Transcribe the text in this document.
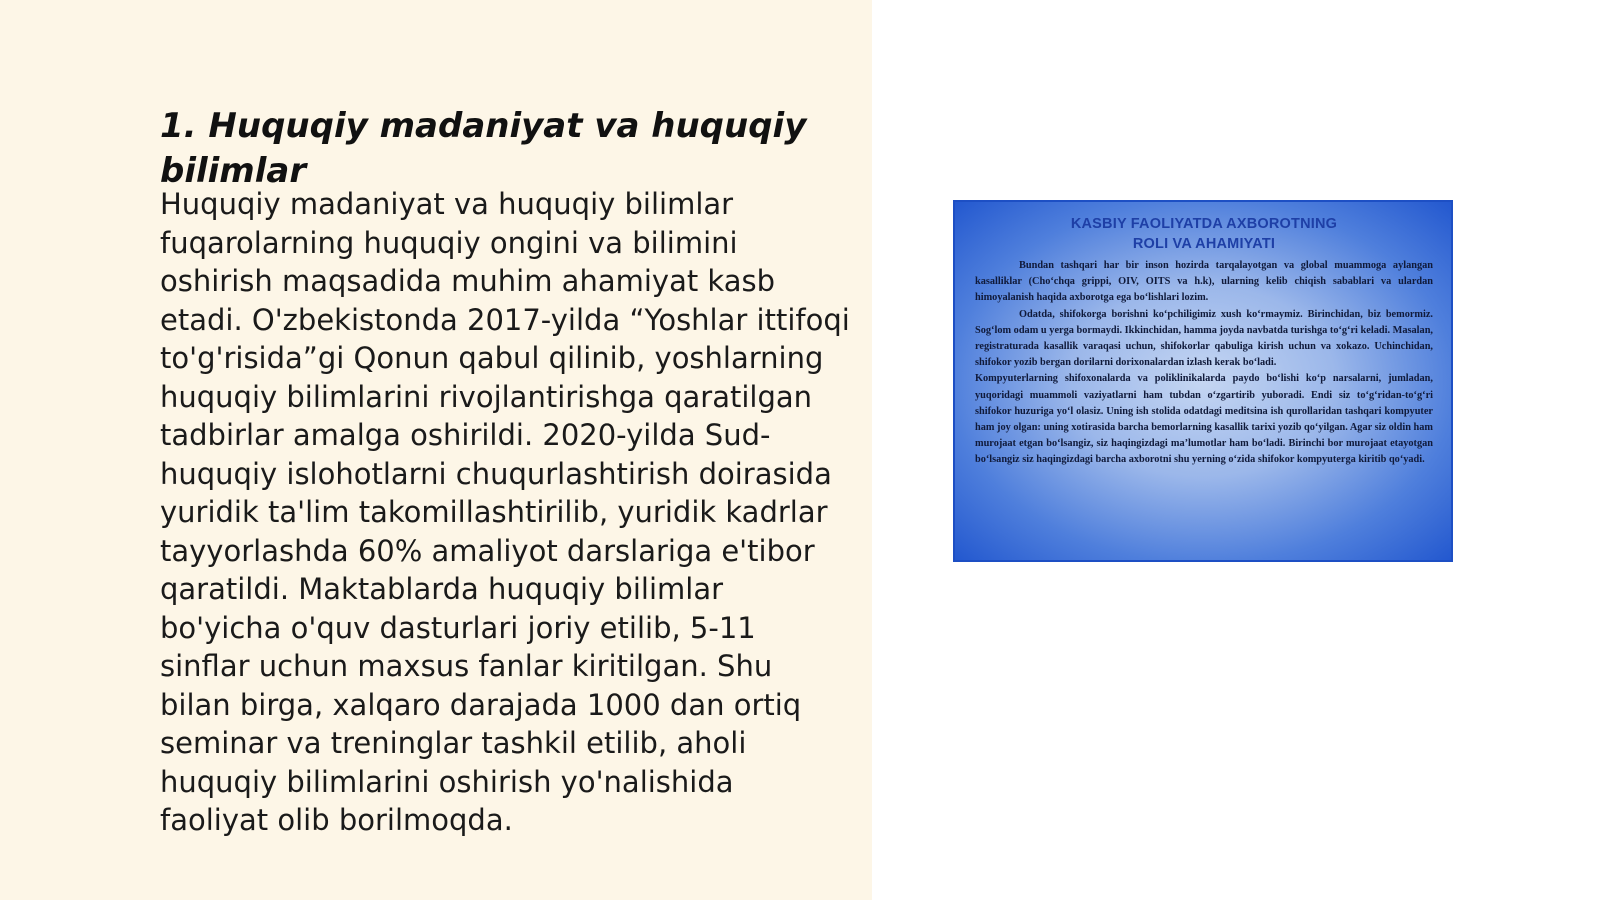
1. Huquqiy madaniyat va huquqiy bilimlar

Huquqiy madaniyat va huquqiy bilimlar fuqarolarning huquqiy ongini va bilimini oshirish maqsadida muhim ahamiyat kasb etadi. O'zbekistonda 2017-yilda “Yoshlar ittifoqi to'g'risida”gi Qonun qabul qilinib, yoshlarning huquqiy bilimlarini rivojlantirishga qaratilgan tadbirlar amalga oshirildi. 2020-yilda Sud-huquqiy islohotlarni chuqurlashtirish doirasida yuridik ta'lim takomillashtirilib, yuridik kadrlar tayyorlashda 60% amaliyot darslariga e'tibor qaratildi. Maktablarda huquqiy bilimlar bo'yicha o'quv dasturlari joriy etilib, 5-11 sinflar uchun maxsus fanlar kiritilgan. Shu bilan birga, xalqaro darajada 1000 dan ortiq seminar va treninglar tashkil etilib, aholi huquqiy bilimlarini oshirish yo'nalishida faoliyat olib borilmoqda.

KASBIY FAOLIYATDA AXBOROTNING
ROLI VA AHAMIYATI

Bundan tashqari har bir inson hozirda tarqalayotgan va global muammoga aylangan kasalliklar (Cho‘chqa grippi, OIV, OITS va h.k), ularning kelib chiqish sabablari va ulardan himoyalanish haqida axborotga ega bo‘lishlari lozim.

Odatda, shifokorga borishni ko‘pchiligimiz xush ko‘rmaymiz. Birinchidan, biz bemormiz. Sog‘lom odam u yerga bormaydi. Ikkinchidan, hamma joyda navbatda turishga to‘g‘ri keladi. Masalan, registraturada kasallik varaqasi uchun, shifokorlar qabuliga kirish uchun va xokazo. Uchinchidan, shifokor yozib bergan dorilarni dorixonalardan izlash kerak bo‘ladi.

Kompyuterlarning shifoxonalarda va poliklinikalarda paydo bo‘lishi ko‘p narsalarni, jumladan, yuqoridagi muammoli vaziyatlarni ham tubdan o‘zgartirib yuboradi. Endi siz to‘g‘ridan-to‘g‘ri shifokor huzuriga yo‘l olasiz. Uning ish stolida odatdagi meditsina ish qurollaridan tashqari kompyuter ham joy olgan: uning xotirasida barcha bemorlarning kasallik tarixi yozib qo‘yilgan. Agar siz oldin ham murojaat etgan bo‘lsangiz, siz haqingizdagi ma’lumotlar ham bo‘ladi. Birinchi bor murojaat etayotgan bo‘lsangiz siz haqingizdagi barcha axborotni shu yerning o‘zida shifokor kompyuterga kiritib qo‘yadi.
